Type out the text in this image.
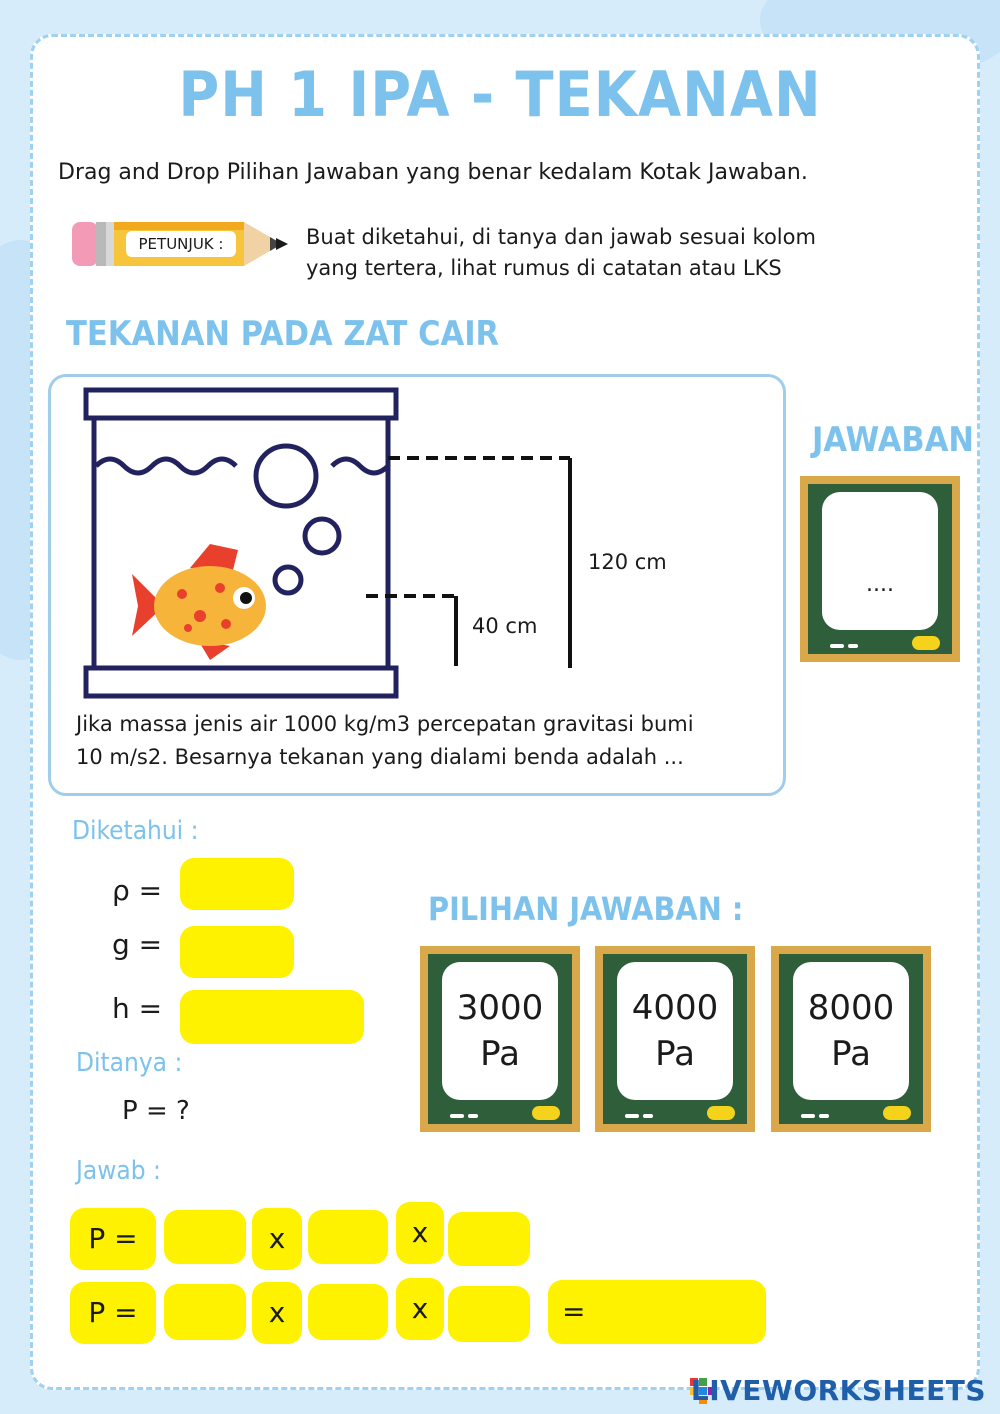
PH 1 IPA - TEKANAN
Drag and Drop Pilihan Jawaban yang benar kedalam Kotak Jawaban.
PETUNJUK :	Buat diketahui, di tanya dan jawab sesuai kolom
yang tertera, lihat rumus di catatan atau LKS
TEKANAN PADA ZAT CAIR
120 cm
40 cm
Jika massa jenis air 1000 kg/m3 percepatan gravitasi bumi
10 m/s2. Besarnya tekanan yang dialami benda adalah ...
JAWABAN
....
Diketahui :
ρ =
g =
h =
Ditanya :
P = ?
Jawab :
P =	x	x
P =	x	x	=
PILIHAN JAWABAN :
3000
Pa
4000
Pa
8000
Pa
LIVEWORKSHEETS
